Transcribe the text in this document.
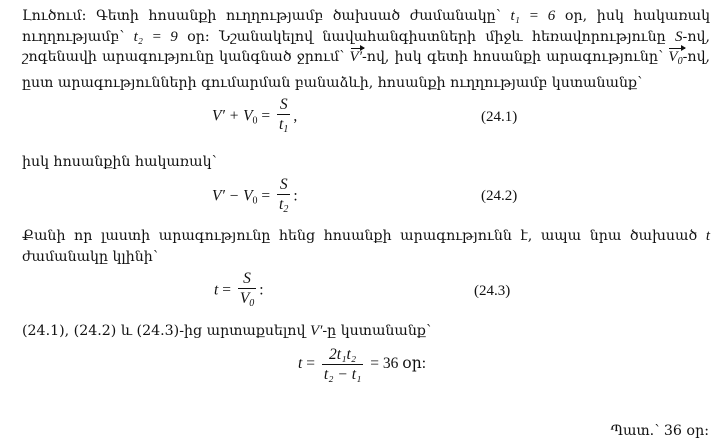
Լուծում: Գետի հոսանքի ուղղությամբ ծախսած ժամանակը՝ t₁ = 6 օր, իսկ հակառակ ուղղությամբ՝ t₂ = 9 օր: Նշանակելով նավահանգիստների միջև հեռավորությունը S-ով, շոգենավի արագությունը կանգնած ջրում՝ V′-ով, իսկ գետի հոսանքի արագությունը՝ $V_0-ով$, ըստ արագությունների գումարման բանաձևի, հոսանքի ուղղությամբ կստանանք՝

$V' + V_0 = \frac{S}{t_1}$ ,	(24.1)

իսկ հոսանքին հակառակ՝

$V' - V_0 = \frac{S}{t_2}$ :	(24.2)

Քանի որ լաստի արագությունը հենց հոսանքի արագությունն է, ապա նրա ծախսած t ժամանակը կլինի՝

$t = \frac{S}{V_0}$ :	(24.3)

(24.1), (24.2) և (24.3)-ից արտաքսելով V′-ը կստանանք՝

$t = \frac{\text{2t₁t₂}}{\text{t₂ − t₁}} = 36$ օր:
Պատ.՝ 36 օր:
